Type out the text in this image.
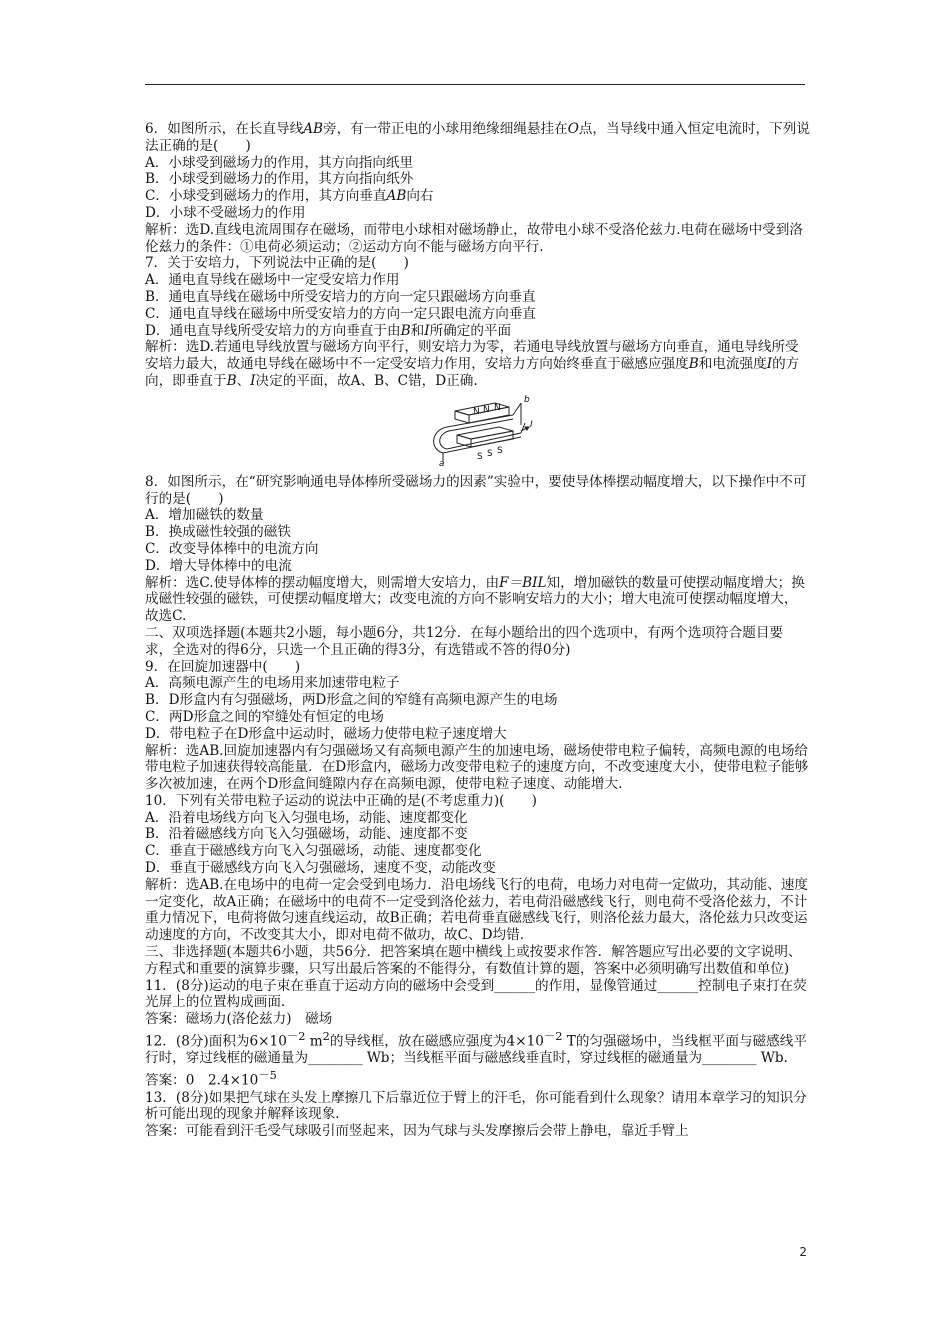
6．如图所示，在长直导线AB旁，有一带正电的小球用绝缘细绳悬挂在O点，当导线中通入恒定电流时，下列说法正确的是(　　)

A．小球受到磁场力的作用，其方向指向纸里

B．小球受到磁场力的作用，其方向指向纸外

C．小球受到磁场力的作用，其方向垂直AB向右

D．小球不受磁场力的作用

解析：选D.直线电流周围存在磁场，而带电小球相对磁场静止，故带电小球不受洛伦兹力.电荷在磁场中受到洛伦兹力的条件：①电荷必须运动；②运动方向不能与磁场方向平行.

7．关于安培力，下列说法中正确的是(　　)

A．通电直导线在磁场中一定受安培力作用

B．通电直导线在磁场中所受安培力的方向一定只跟磁场方向垂直

C．通电直导线在磁场中所受安培力的方向一定只跟电流方向垂直

D．通电直导线所受安培力的方向垂直于由B和I所确定的平面

解析：选D.若通电导线放置与磁场方向平行，则安培力为零，若通电导线放置与磁场方向垂直，通电导线所受安培力最大，故通电导线在磁场中不一定受安培力作用，安培力方向始终垂直于磁感应强度B和电流强度I的方向，即垂直于B、I决定的平面，故A、B、C错，D正确.

N N N
S S S
a
b
I

8．如图所示，在“研究影响通电导体棒所受磁场力的因素”实验中，要使导体棒摆动幅度增大，以下操作中不可行的是(　　)

A．增加磁铁的数量

B．换成磁性较强的磁铁

C．改变导体棒中的电流方向

D．增大导体棒中的电流

解析：选C.使导体棒的摆动幅度增大，则需增大安培力，由F＝BIL知，增加磁铁的数量可使摆动幅度增大；换成磁性较强的磁铁，可使摆动幅度增大；改变电流的方向不影响安培力的大小；增大电流可使摆动幅度增大，故选C.

二、双项选择题(本题共2小题，每小题6分，共12分．在每小题给出的四个选项中，有两个选项符合题目要求，全选对的得6分，只选一个且正确的得3分，有选错或不答的得0分)

9．在回旋加速器中(　　)

A．高频电源产生的电场用来加速带电粒子

B．D形盒内有匀强磁场，两D形盒之间的窄缝有高频电源产生的电场

C．两D形盒之间的窄缝处有恒定的电场

D．带电粒子在D形盒中运动时，磁场力使带电粒子速度增大

解析：选AB.回旋加速器内有匀强磁场又有高频电源产生的加速电场，磁场使带电粒子偏转，高频电源的电场给带电粒子加速获得较高能量．在D形盒内，磁场力改变带电粒子的速度方向，不改变速度大小，使带电粒子能够多次被加速，在两个D形盒间缝隙内存在高频电源，使带电粒子速度、动能增大.

10．下列有关带电粒子运动的说法中正确的是(不考虑重力)(　　)

A．沿着电场线方向飞入匀强电场，动能、速度都变化

B．沿着磁感线方向飞入匀强磁场，动能、速度都不变

C．垂直于磁感线方向飞入匀强磁场，动能、速度都变化

D．垂直于磁感线方向飞入匀强磁场，速度不变，动能改变

解析：选AB.在电场中的电荷一定会受到电场力．沿电场线飞行的电荷，电场力对电荷一定做功，其动能、速度一定变化，故A正确；在磁场中的电荷不一定受到洛伦兹力，若电荷沿磁感线飞行，则电荷不受洛伦兹力，不计重力情况下，电荷将做匀速直线运动，故B正确；若电荷垂直磁感线飞行，则洛伦兹力最大，洛伦兹力只改变运动速度的方向，不改变其大小，即对电荷不做功，故C、D均错.

三、非选择题(本题共6小题，共56分．把答案填在题中横线上或按要求作答．解答题应写出必要的文字说明、方程式和重要的演算步骤，只写出最后答案的不能得分，有数值计算的题，答案中必须明确写出数值和单位)

11．(8分)运动的电子束在垂直于运动方向的磁场中会受到______的作用，显像管通过______控制电子束打在荧光屏上的位置构成画面.

答案：磁场力(洛伦兹力)　磁场

12．(8分)面积为$6\times 10^{-2}$ $m^2$的导线框，放在磁感应强度为$4\times 10^{-2}$ T的匀强磁场中，当线框平面与磁感线平行时，穿过线框的磁通量为________ Wb；当线框平面与磁感线垂直时，穿过线框的磁通量为________ Wb.

答案：0　$2.4\times 10^{-5}$

13．(8分)如果把气球在头发上摩擦几下后靠近位于臂上的汗毛，你可能看到什么现象？请用本章学习的知识分析可能出现的现象并解释该现象.

答案：可能看到汗毛受气球吸引而竖起来，因为气球与头发摩擦后会带上静电，靠近手臂上

2
